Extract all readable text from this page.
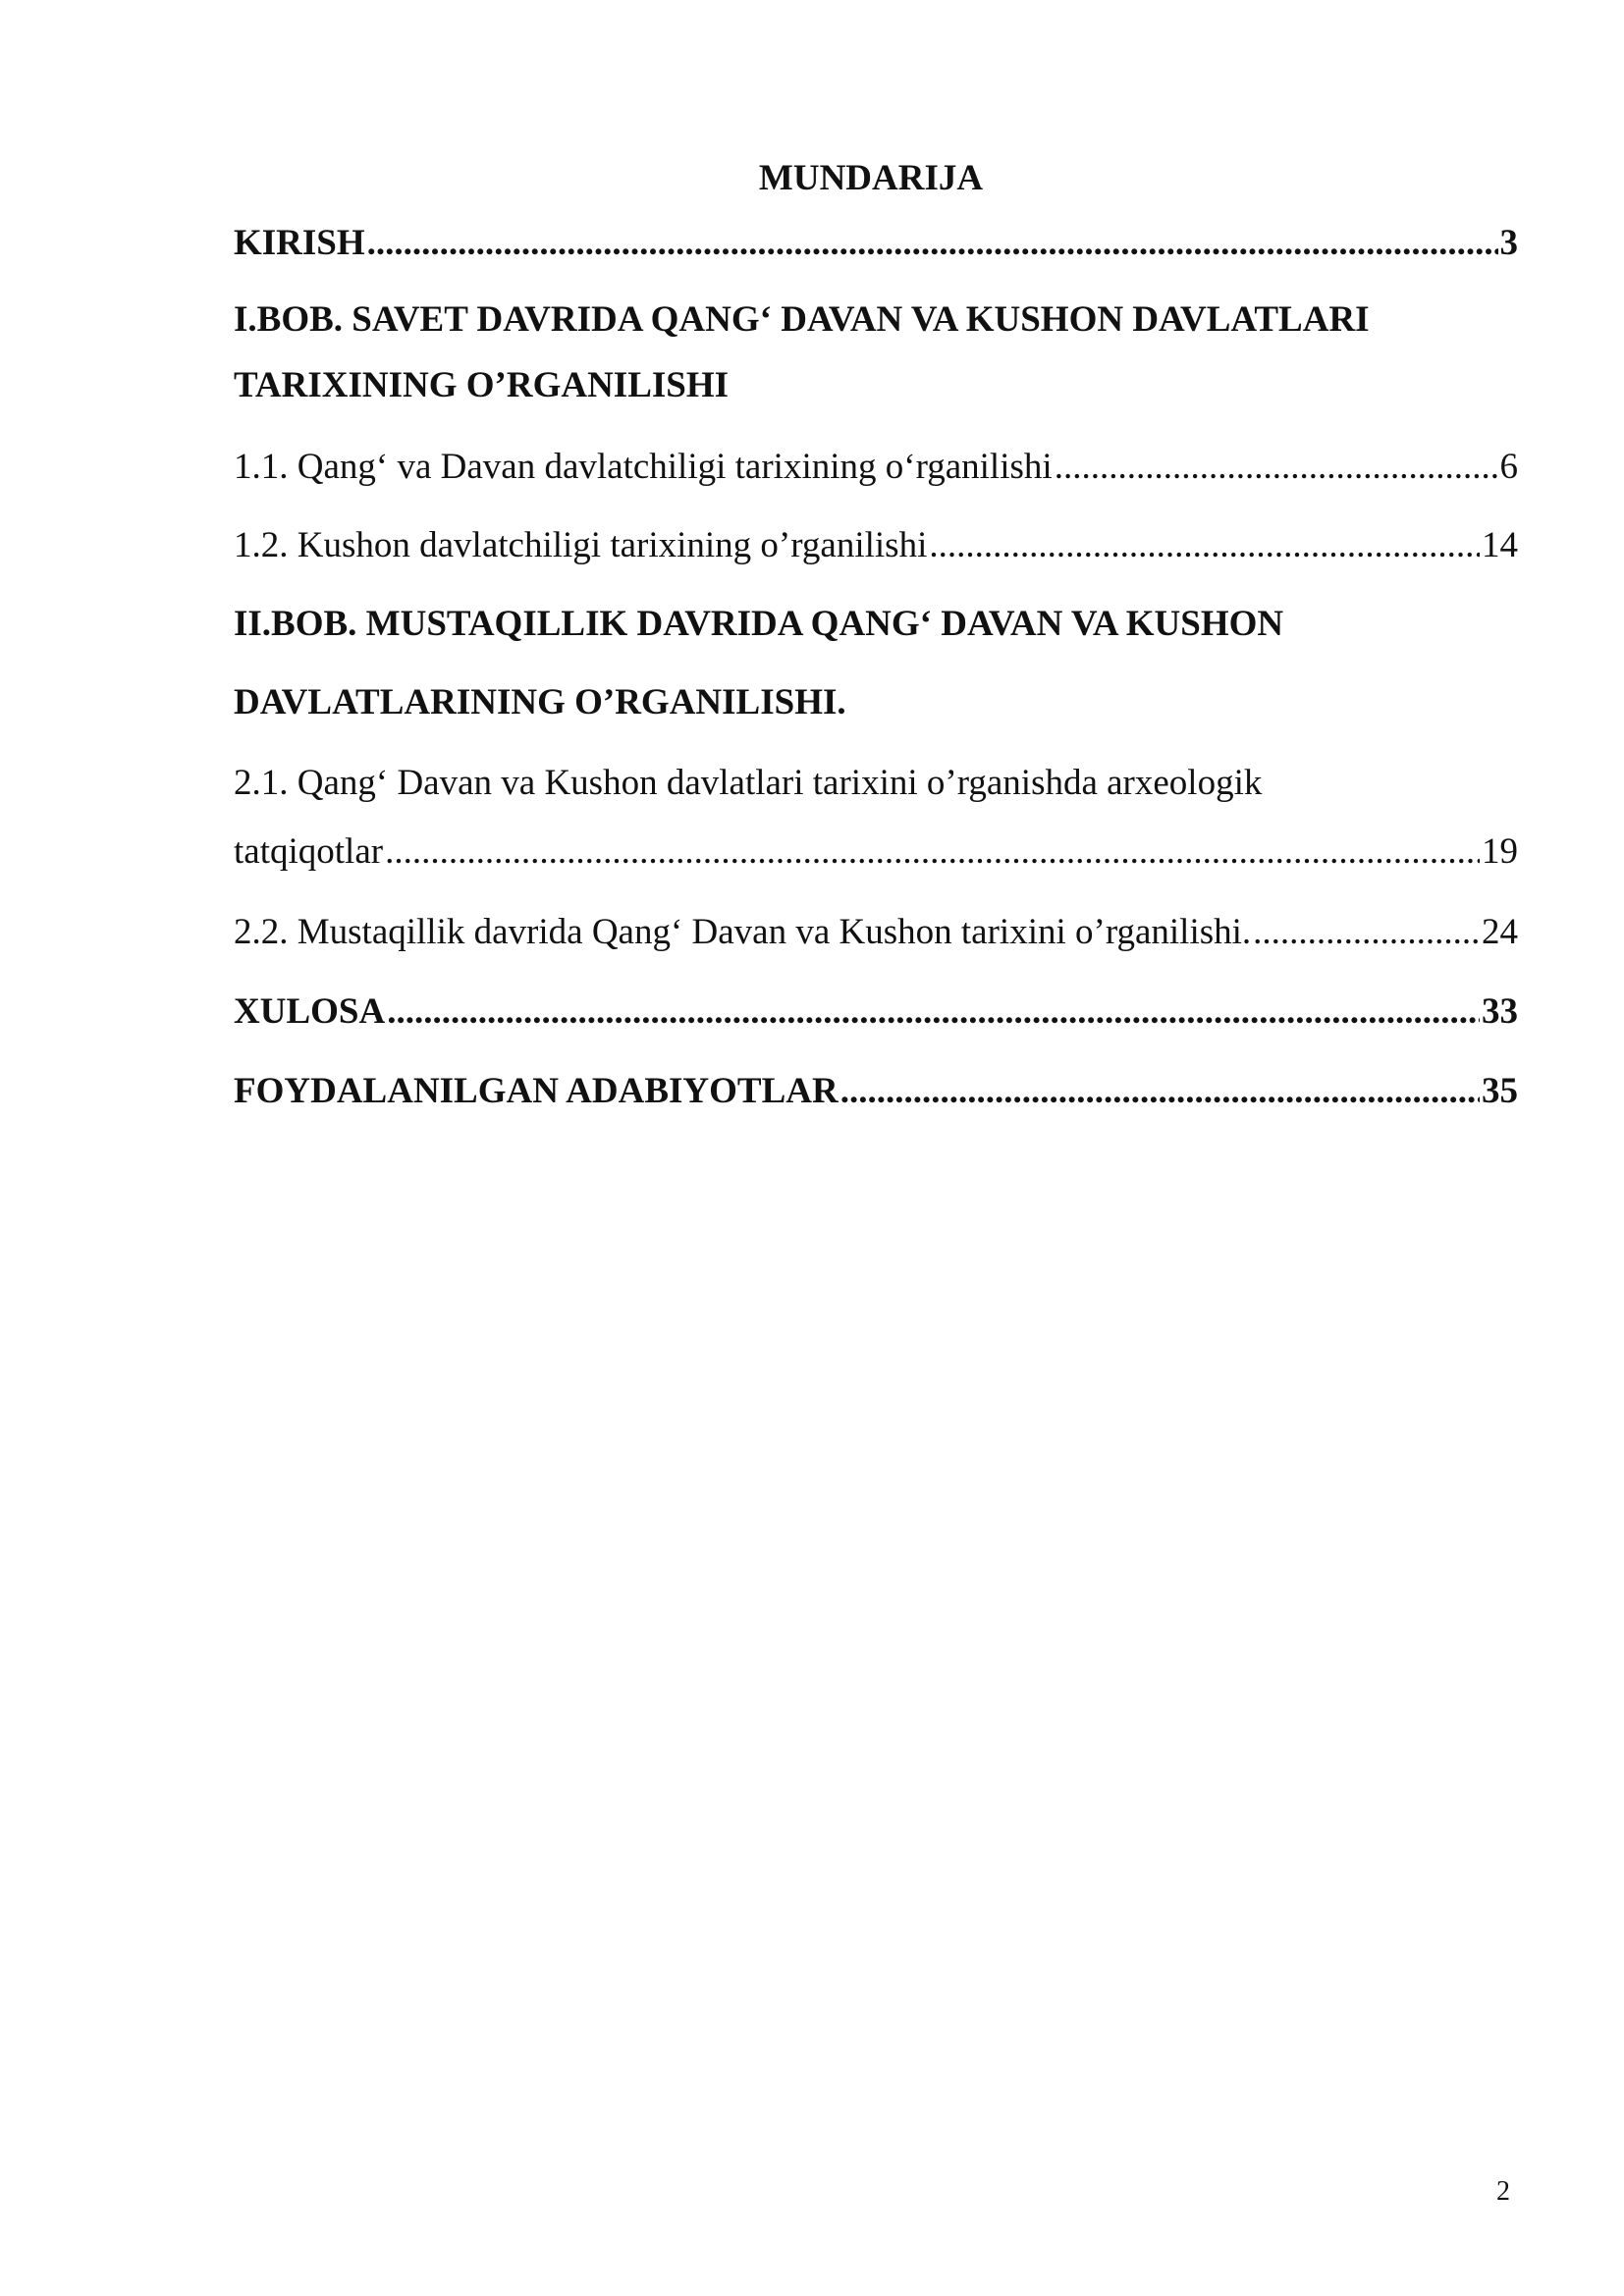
MUNDARIJA
KIRISH .....	3
I.BOB. SAVET DAVRIDA QANG‘ DAVAN VA KUSHON DAVLATLARI
TARIXINING O’RGANILISHI
1.1. Qang‘ va Davan davlatchiligi tarixining o‘rganilishi .....	6
1.2. Kushon davlatchiligi tarixining o’rganilishi .....	14
II.BOB. MUSTAQILLIK DAVRIDA QANG‘ DAVAN VA KUSHON
DAVLATLARINING O’RGANILISHI.
2.1. Qang‘ Davan va Kushon davlatlari tarixini o’rganishda arxeologik
tatqiqotlar .....	19
2.2. Mustaqillik davrida Qang‘ Davan va Kushon tarixini o’rganilishi. .....	24
XULOSA .....	33
FOYDALANILGAN ADABIYOTLAR .....	35
2
